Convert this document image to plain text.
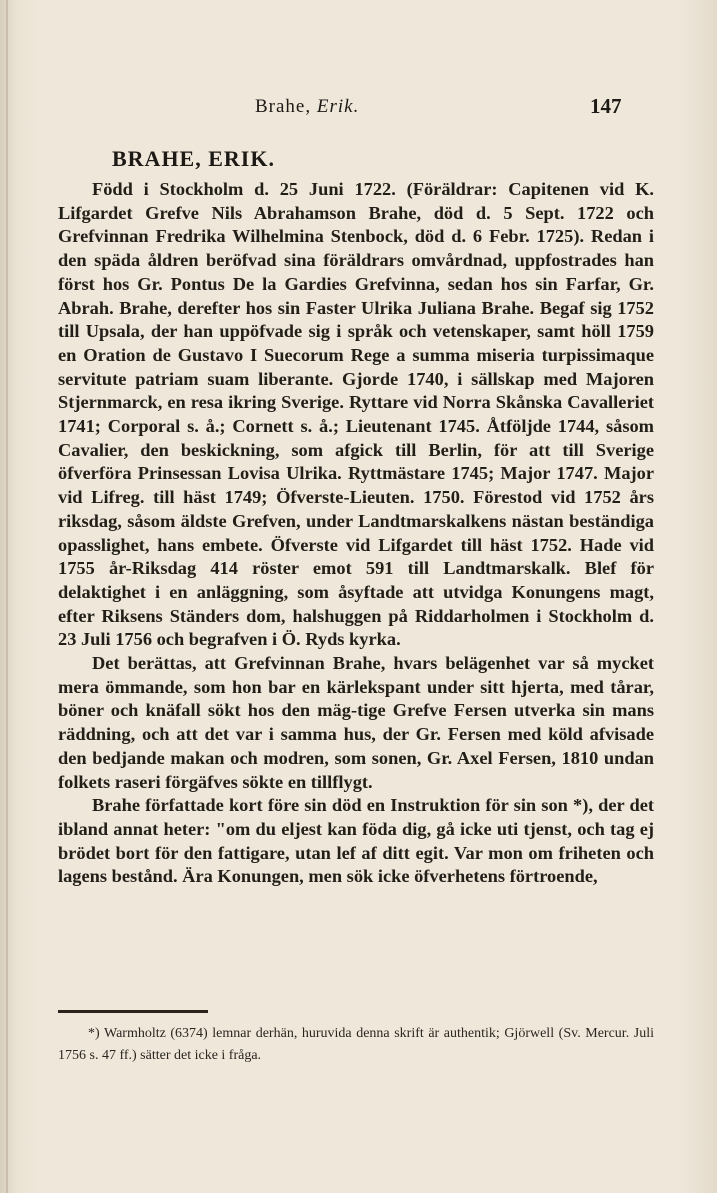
Brahe, Erik.	147
BRAHE, ERIK.

Född i Stockholm d. 25 Juni 1722. (Föräldrar: Capitenen vid K. Lifgardet Grefve Nils Abrahamson Brahe, död d. 5 Sept. 1722 och Grefvinnan Fredrika Wilhelmina Stenbock, död d. 6 Febr. 1725). Redan i den späda åldren beröfvad sina föräldrars omvårdnad, uppfostrades han först hos Gr. Pontus De la Gardies Grefvinna, sedan hos sin Farfar, Gr. Abrah. Brahe, derefter hos sin Faster Ulrika Juliana Brahe. Begaf sig 1752 till Upsala, der han uppöfvade sig i språk och vetenskaper, samt höll 1759 en Oration de Gustavo I Suecorum Rege a summa miseria turpissimaque servitute patriam suam liberante. Gjorde 1740, i sällskap med Majoren Stjernmarck, en resa ikring Sverige. Ryttare vid Norra Skånska Cavalleriet 1741; Corporal s. å.; Cornett s. å.; Lieutenant 1745. Åtföljde 1744, såsom Cavalier, den beskickning, som afgick till Berlin, för att till Sverige öfverföra Prinsessan Lovisa Ulrika. Ryttmästare 1745; Major 1747. Major vid Lifreg. till häst 1749; Öfverste-Lieuten. 1750. Förestod vid 1752 års riksdag, såsom äldste Grefven, under Landtmarskalkens nästan beständiga opasslighet, hans embete. Öfverste vid Lifgardet till häst 1752. Hade vid 1755 år-Riksdag 414 röster emot 591 till Landtmarskalk. Blef för delaktighet i en anläggning, som åsyftade att utvidga Konungens magt, efter Riksens Ständers dom, halshuggen på Riddarholmen i Stockholm d. 23 Juli 1756 och begrafven i Ö. Ryds kyrka.

Det berättas, att Grefvinnan Brahe, hvars belägenhet var så mycket mera ömmande, som hon bar en kärlekspant under sitt hjerta, med tårar, böner och knäfall sökt hos den mäg-tige Grefve Fersen utverka sin mans räddning, och att det var i samma hus, der Gr. Fersen med köld afvisade den bedjande makan och modren, som sonen, Gr. Axel Fersen, 1810 undan folkets raseri förgäfves sökte en tillflygt.

Brahe författade kort före sin död en Instruktion för sin son *), der det ibland annat heter: "om du eljest kan föda dig, gå icke uti tjenst, och tag ej brödet bort för den fattigare, utan lef af ditt egit. Var mon om friheten och lagens bestånd. Ära Konungen, men sök icke öfverhetens förtroende,

*) Warmholtz (6374) lemnar derhän, huruvida denna skrift är authentik; Gjörwell (Sv. Mercur. Juli 1756 s. 47 ff.) sätter det icke i fråga.
